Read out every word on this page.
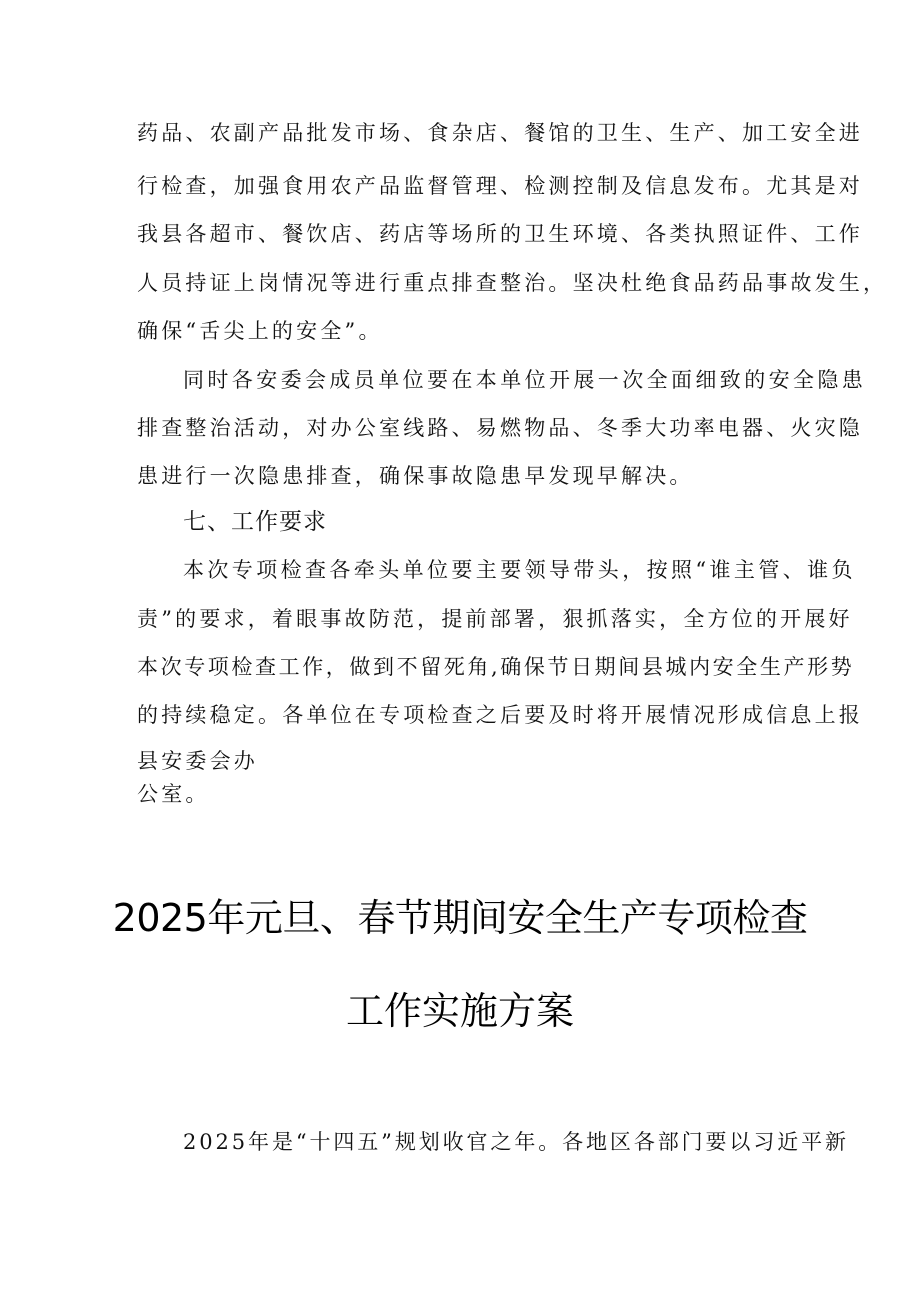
药品、农副产品批发市场、食杂店、餐馆的卫生、生产、加工安全进
行检查，加强食用农产品监督管理、检测控制及信息发布。尤其是对
我县各超市、餐饮店、药店等场所的卫生环境、各类执照证件、工作
人员持证上岗情况等进行重点排查整治。坚决杜绝食品药品事故发生，
确保“舌尖上的安全”。
同时各安委会成员单位要在本单位开展一次全面细致的安全隐患
排查整治活动，对办公室线路、易燃物品、冬季大功率电器、火灾隐
患进行一次隐患排查，确保事故隐患早发现早解决。
七、工作要求
本次专项检查各牵头单位要主要领导带头，按照“谁主管、谁负
责”的要求，着眼事故防范，提前部署，狠抓落实，全方位的开展好
本次专项检查工作，做到不留死角,确保节日期间县城内安全生产形势
的持续稳定。各单位在专项检查之后要及时将开展情况形成信息上报
县安委会办
公室。
2025年元旦、春节期间安全生产专项检查
工作实施方案
2025年是“十四五”规划收官之年。各地区各部门要以习近平新
